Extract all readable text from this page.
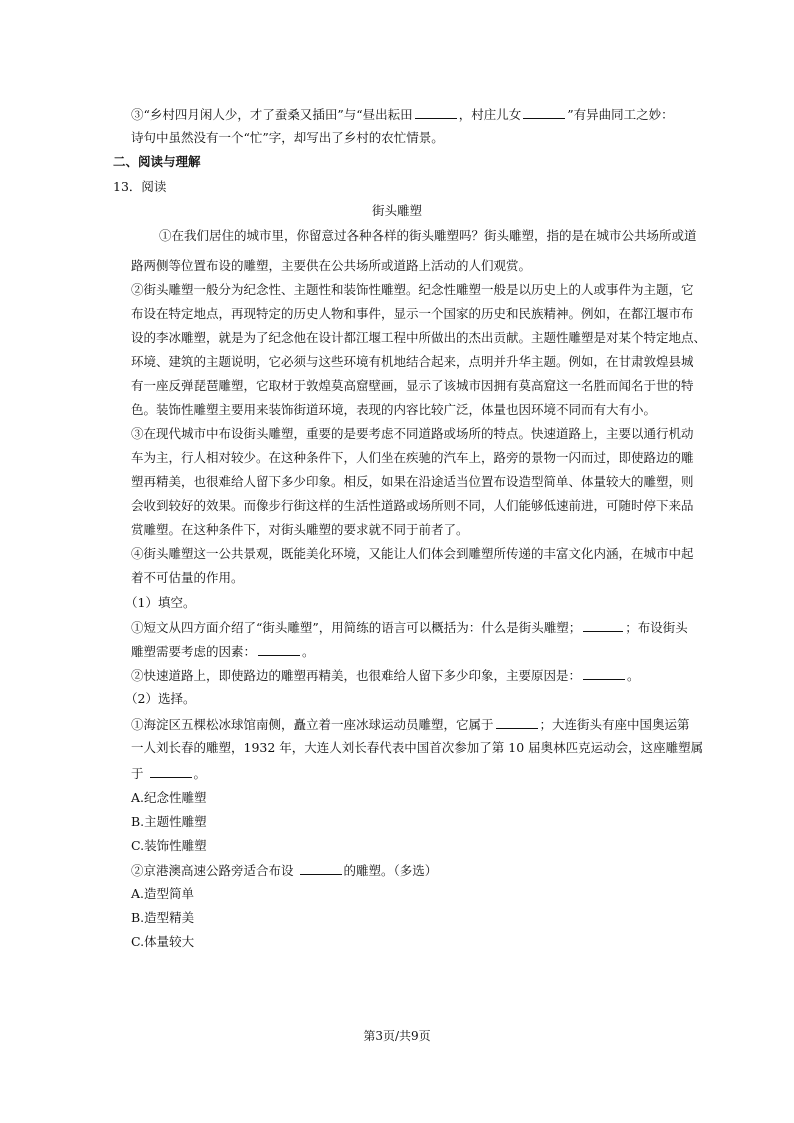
③“乡村四月闲人少，才了蚕桑又插田”与“昼出耘田	，村庄儿女	”有异曲同工之妙：
诗句中虽然没有一个“忙”字，却写出了乡村的农忙情景。
二、阅读与理解
13．阅读
街头雕塑
①在我们居住的城市里，你留意过各种各样的街头雕塑吗？街头雕塑，指的是在城市公共场所或道
路两侧等位置布设的雕塑，主要供在公共场所或道路上活动的人们观赏。
②街头雕塑一般分为纪念性、主题性和装饰性雕塑。纪念性雕塑一般是以历史上的人或事件为主题，它
布设在特定地点，再现特定的历史人物和事件，显示一个国家的历史和民族精神。例如，在都江堰市布
设的李冰雕塑，就是为了纪念他在设计都江堰工程中所做出的杰出贡献。主题性雕塑是对某个特定地点、
环境、建筑的主题说明，它必须与这些环境有机地结合起来，点明并升华主题。例如，在甘肃敦煌县城
有一座反弹琵琶雕塑，它取材于敦煌莫高窟壁画，显示了该城市因拥有莫高窟这一名胜而闻名于世的特
色。装饰性雕塑主要用来装饰街道环境，表现的内容比较广泛，体量也因环境不同而有大有小。
③在现代城市中布设街头雕塑，重要的是要考虑不同道路或场所的特点。快速道路上，主要以通行机动
车为主，行人相对较少。在这种条件下，人们坐在疾驰的汽车上，路旁的景物一闪而过，即使路边的雕
塑再精美，也很难给人留下多少印象。相反，如果在沿途适当位置布设造型简单、体量较大的雕塑，则
会收到较好的效果。而像步行街这样的生活性道路或场所则不同，人们能够低速前进，可随时停下来品
赏雕塑。在这种条件下，对街头雕塑的要求就不同于前者了。
④街头雕塑这一公共景观，既能美化环境，又能让人们体会到雕塑所传递的丰富文化内涵，在城市中起
着不可估量的作用。
（1）填空。
①短文从四方面介绍了“街头雕塑”，用简练的语言可以概括为：什么是街头雕塑；	；布设街头
雕塑需要考虑的因素：	。
②快速道路上，即使路边的雕塑再精美，也很难给人留下多少印象，主要原因是：	。
（2）选择。
①海淀区五棵松冰球馆南侧，矗立着一座冰球运动员雕塑，它属于	；大连街头有座中国奥运第
一人刘长春的雕塑，1932 年，大连人刘长春代表中国首次参加了第 10 届奥林匹克运动会，这座雕塑属
于	。
A.纪念性雕塑
B.主题性雕塑
C.装饰性雕塑
②京港澳高速公路旁适合布设	的雕塑。（多选）
A.造型简单
B.造型精美
C.体量较大
第3页/共9页
